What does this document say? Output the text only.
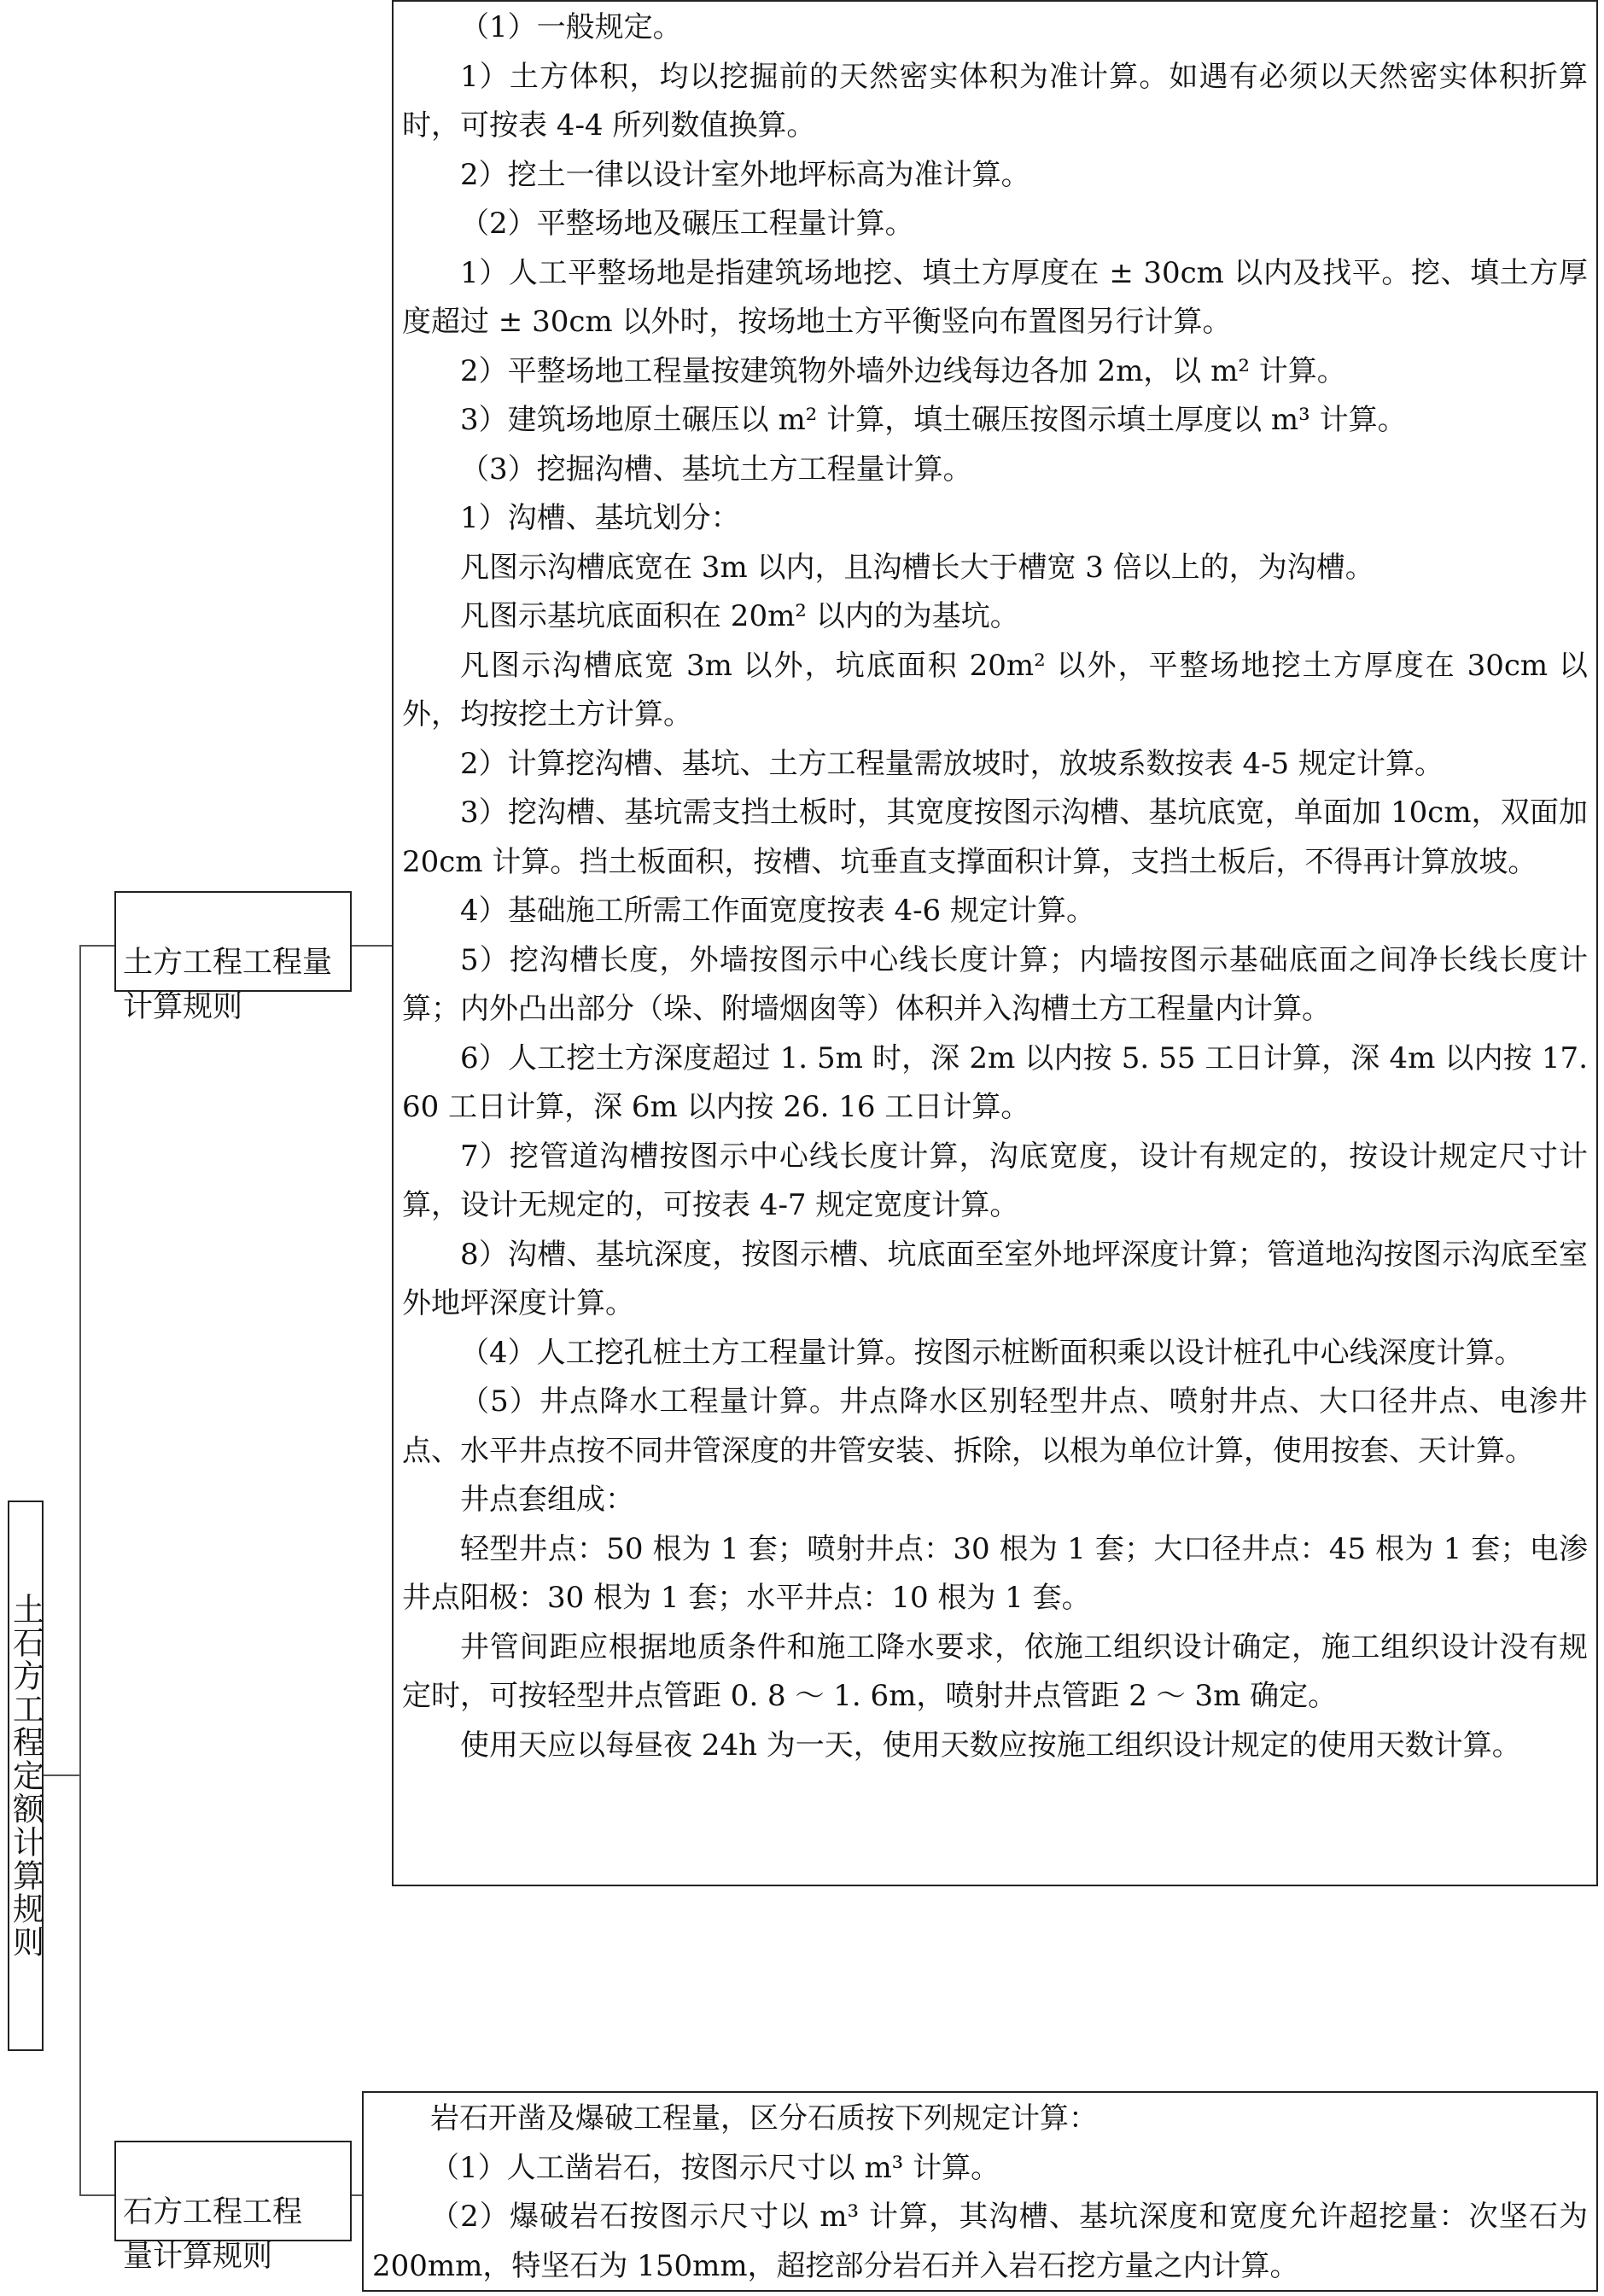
土石方工程定额计算规则

土方工程工程量
计算规则

（1）一般规定。

1）土方体积，均以挖掘前的天然密实体积为准计算。如遇有必须以天然密实体积折算时，可按表 4-4 所列数值换算。

2）挖土一律以设计室外地坪标高为准计算。

（2）平整场地及碾压工程量计算。

1）人工平整场地是指建筑场地挖、填土方厚度在 ± 30cm 以内及找平。挖、填土方厚度超过 ± 30cm 以外时，按场地土方平衡竖向布置图另行计算。

2）平整场地工程量按建筑物外墙外边线每边各加 2m，以 m² 计算。

3）建筑场地原土碾压以 m² 计算，填土碾压按图示填土厚度以 m³ 计算。

（3）挖掘沟槽、基坑土方工程量计算。

1）沟槽、基坑划分：

凡图示沟槽底宽在 3m 以内，且沟槽长大于槽宽 3 倍以上的，为沟槽。

凡图示基坑底面积在 20m² 以内的为基坑。

凡图示沟槽底宽 3m 以外，坑底面积 20m² 以外，平整场地挖土方厚度在 30cm 以外，均按挖土方计算。

2）计算挖沟槽、基坑、土方工程量需放坡时，放坡系数按表 4-5 规定计算。

3）挖沟槽、基坑需支挡土板时，其宽度按图示沟槽、基坑底宽，单面加 10cm，双面加 20cm 计算。挡土板面积，按槽、坑垂直支撑面积计算，支挡土板后，不得再计算放坡。

4）基础施工所需工作面宽度按表 4-6 规定计算。

5）挖沟槽长度，外墙按图示中心线长度计算；内墙按图示基础底面之间净长线长度计算；内外凸出部分（垛、附墙烟囱等）体积并入沟槽土方工程量内计算。

6）人工挖土方深度超过 1. 5m 时，深 2m 以内按 5. 55 工日计算，深 4m 以内按 17. 60 工日计算，深 6m 以内按 26. 16 工日计算。

7）挖管道沟槽按图示中心线长度计算，沟底宽度，设计有规定的，按设计规定尺寸计算，设计无规定的，可按表 4-7 规定宽度计算。

8）沟槽、基坑深度，按图示槽、坑底面至室外地坪深度计算；管道地沟按图示沟底至室外地坪深度计算。

（4）人工挖孔桩土方工程量计算。按图示桩断面积乘以设计桩孔中心线深度计算。

（5）井点降水工程量计算。井点降水区别轻型井点、喷射井点、大口径井点、电渗井点、水平井点按不同井管深度的井管安装、拆除，以根为单位计算，使用按套、天计算。

井点套组成：

轻型井点：50 根为 1 套；喷射井点：30 根为 1 套；大口径井点：45 根为 1 套；电渗井点阳极：30 根为 1 套；水平井点：10 根为 1 套。

井管间距应根据地质条件和施工降水要求，依施工组织设计确定，施工组织设计没有规定时，可按轻型井点管距 0. 8 ～ 1. 6m，喷射井点管距 2 ～ 3m 确定。

使用天应以每昼夜 24h 为一天，使用天数应按施工组织设计规定的使用天数计算。

石方工程工程
量计算规则

岩石开凿及爆破工程量，区分石质按下列规定计算：

（1）人工凿岩石，按图示尺寸以 m³ 计算。

（2）爆破岩石按图示尺寸以 m³ 计算，其沟槽、基坑深度和宽度允许超挖量：次坚石为 200mm，特坚石为 150mm，超挖部分岩石并入岩石挖方量之内计算。
